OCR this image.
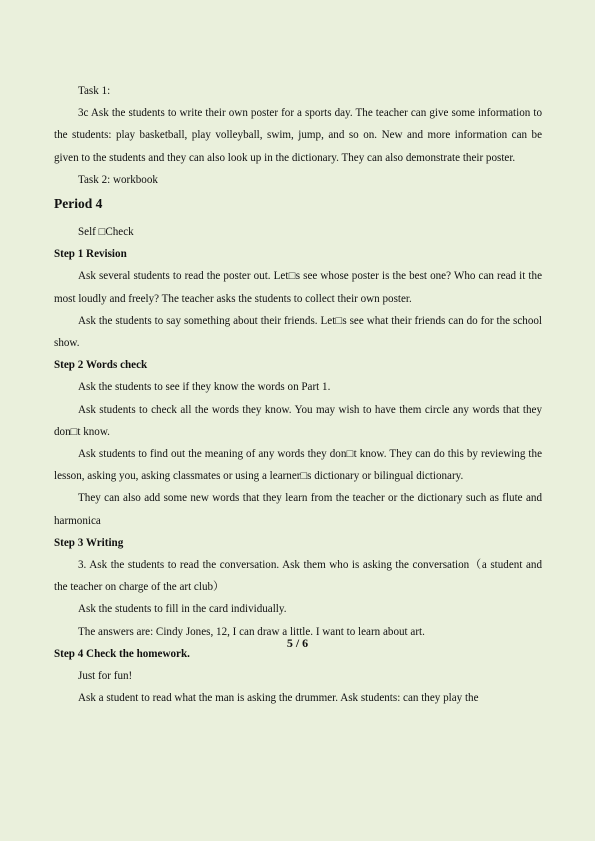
Task 1:

3c Ask the students to write their own poster for a sports day. The teacher can give some information to the students: play basketball, play volleyball, swim, jump, and so on. New and more information can be given to the students and they can also look up in the dictionary. They can also demonstrate their poster.

Task 2: workbook

Period 4

Self □Check

Step 1 Revision

Ask several students to read the poster out. Let□s see whose poster is the best one? Who can read it the most loudly and freely? The teacher asks the students to collect their own poster.

Ask the students to say something about their friends. Let□s see what their friends can do for the school show.

Step 2 Words check

Ask the students to see if they know the words on Part 1.

Ask students to check all the words they know. You may wish to have them circle any words that they don□t know.

Ask students to find out the meaning of any words they don□t know. They can do this by reviewing the lesson, asking you, asking classmates or using a learner□s dictionary or bilingual dictionary.

They can also add some new words that they learn from the teacher or the dictionary such as flute and harmonica

Step 3 Writing

3. Ask the students to read the conversation. Ask them who is asking the conversation（a student and the teacher on charge of the art club）

Ask the students to fill in the card individually.

The answers are: Cindy Jones, 12, I can draw a little. I want to learn about art.

Step 4 Check the homework.

Just for fun!

Ask a student to read what the man is asking the drummer. Ask students: can they play the

5 / 6
